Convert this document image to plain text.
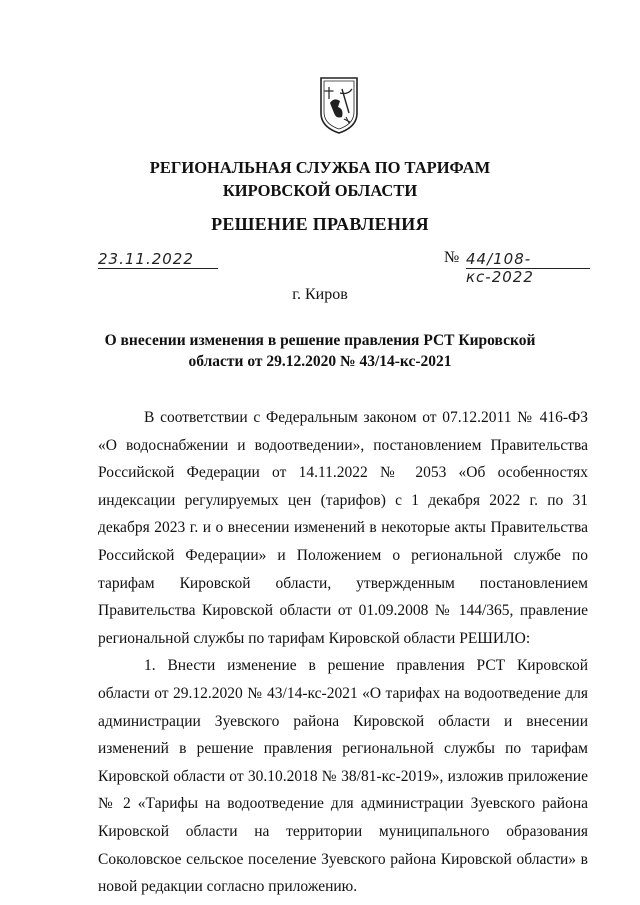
РЕГИОНАЛЬНАЯ СЛУЖБА ПО ТАРИФАМ
КИРОВСКОЙ ОБЛАСТИ
РЕШЕНИЕ ПРАВЛЕНИЯ
23.11.2022	№ 44/108-кс-2022
г. Киров
О внесении изменения в решение правления РСТ Кировской
области от 29.12.2020 № 43/14-кс-2021

В соответствии с Федеральным законом от 07.12.2011 № 416-ФЗ «О водоснабжении и водоотведении», постановлением Правительства Российской Федерации от 14.11.2022 № 2053 «Об особенностях индексации регулируемых цен (тарифов) с 1 декабря 2022 г. по 31 декабря 2023 г. и о внесении изменений в некоторые акты Правительства Российской Федерации» и Положением о региональной службе по тарифам Кировской области, утвержденным постановлением Правительства Кировской области от 01.09.2008 № 144/365, правление региональной службы по тарифам Кировской области РЕШИЛО:

1. Внести изменение в решение правления РСТ Кировской области от 29.12.2020 № 43/14-кс-2021 «О тарифах на водоотведение для администрации Зуевского района Кировской области и внесении изменений в решение правления региональной службы по тарифам Кировской области от 30.10.2018 № 38/81-кс-2019», изложив приложение № 2 «Тарифы на водоотведение для администрации Зуевского района Кировской области на территории муниципального образования Соколовское сельское поселение Зуевского района Кировской области» в новой редакции согласно приложению.
